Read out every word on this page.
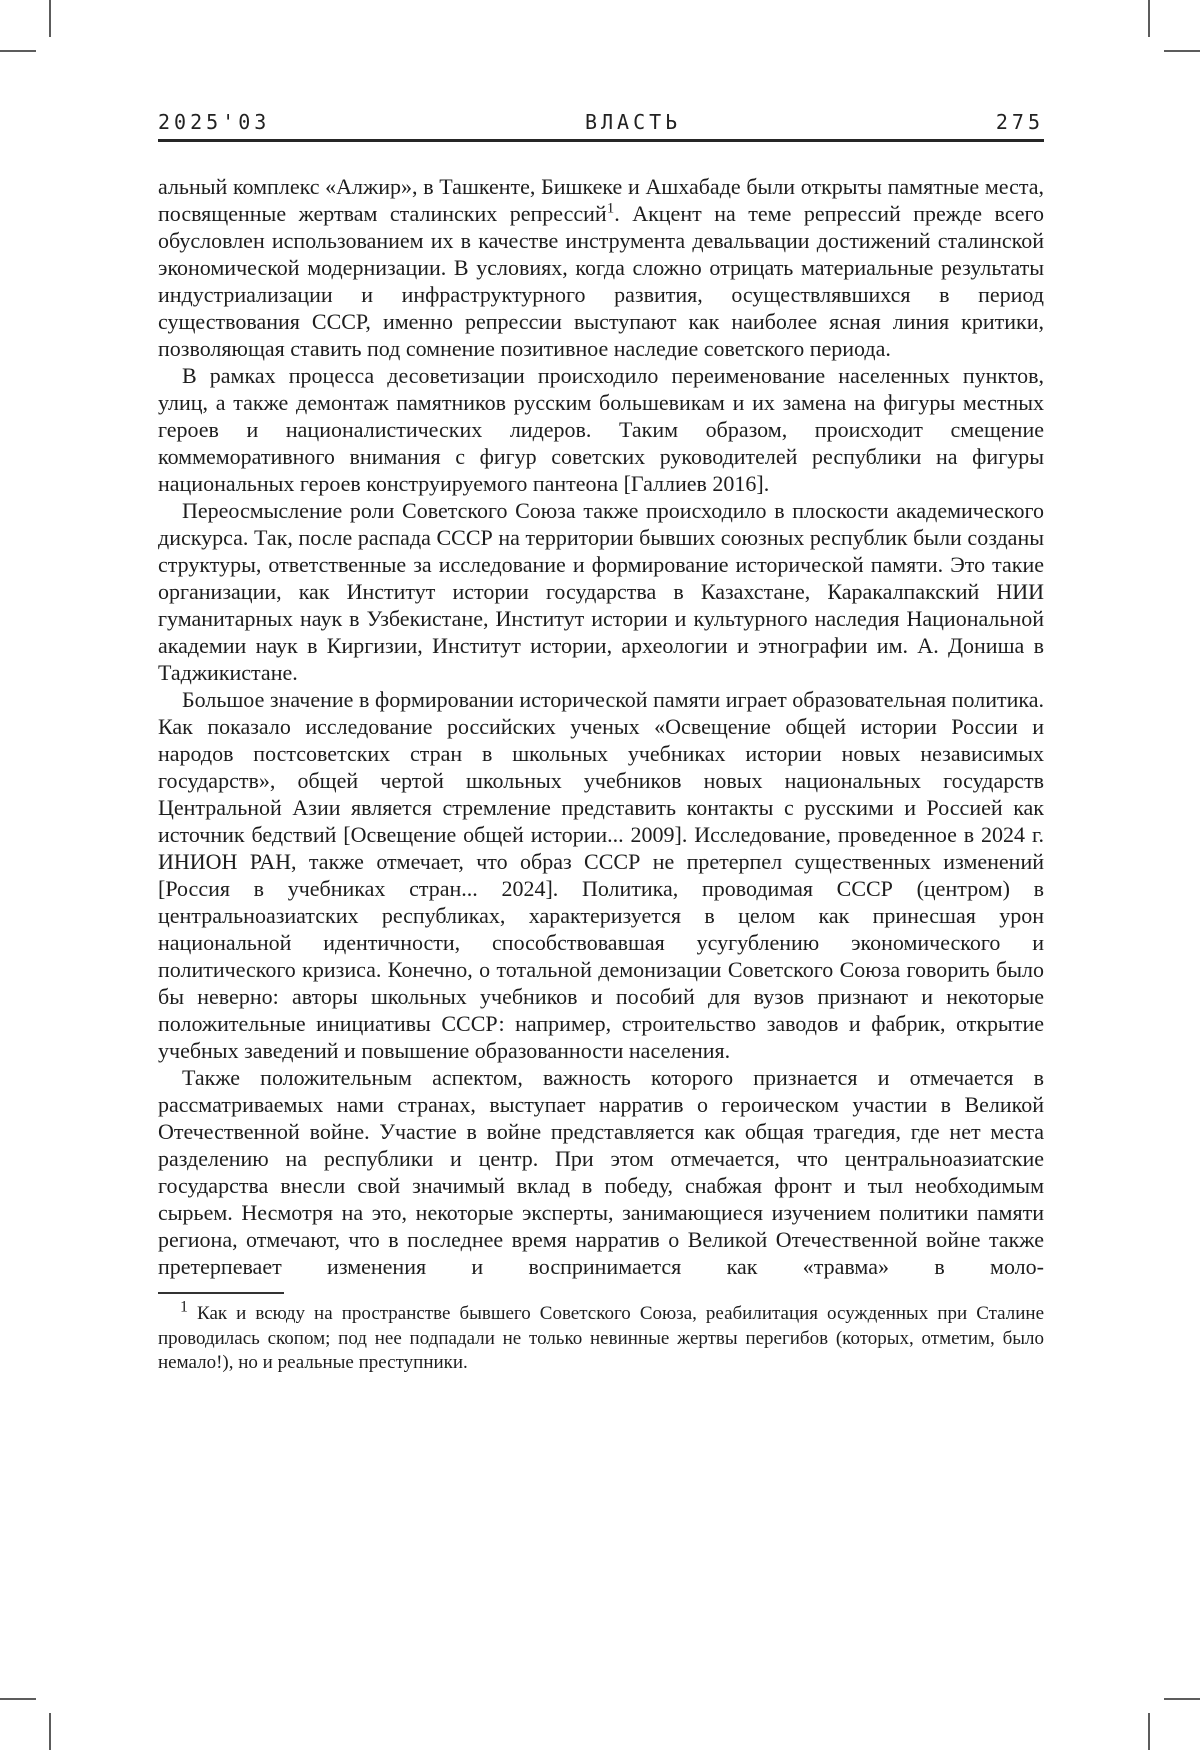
2025'03	ВЛАСТЬ	275

альный комплекс «Алжир», в Ташкенте, Бишкеке и Ашхабаде были открыты памятные места, посвященные жертвам сталинских репрессий$^1$. Акцент на теме репрессий прежде всего обусловлен использованием их в качестве инструмента девальвации достижений сталинской экономической модернизации. В условиях, когда сложно отрицать материальные результаты индустриализации и инфраструктурного развития, осуществлявшихся в период существования СССР, именно репрессии выступают как наиболее ясная линия критики, позволяющая ставить под сомнение позитивное наследие советского периода.

В рамках процесса десоветизации происходило переименование населенных пунктов, улиц, а также демонтаж памятников русским большевикам и их замена на фигуры местных героев и националистических лидеров. Таким образом, происходит смещение коммеморативного внимания с фигур советских руководителей республики на фигуры национальных героев конструируемого пантеона [Галлиев 2016].

Переосмысление роли Советского Союза также происходило в плоскости академического дискурса. Так, после распада СССР на территории бывших союзных республик были созданы структуры, ответственные за исследование и формирование исторической памяти. Это такие организации, как Институт истории государства в Казахстане, Каракалпакский НИИ гуманитарных наук в Узбекистане, Институт истории и культурного наследия Национальной академии наук в Киргизии, Институт истории, археологии и этнографии им. А. Дониша в Таджикистане.

Большое значение в формировании исторической памяти играет образовательная политика. Как показало исследование российских ученых «Освещение общей истории России и народов постсоветских стран в школьных учебниках истории новых независимых государств», общей чертой школьных учебников новых национальных государств Центральной Азии является стремление представить контакты с русскими и Россией как источник бедствий [Освещение общей истории... 2009]. Исследование, проведенное в 2024 г. ИНИОН РАН, также отмечает, что образ СССР не претерпел существенных изменений [Россия в учебниках стран... 2024]. Политика, проводимая СССР (центром) в центральноазиатских республиках, характеризуется в целом как принесшая урон национальной идентичности, способствовавшая усугублению экономического и политического кризиса. Конечно, о тотальной демонизации Советского Союза говорить было бы неверно: авторы школьных учебников и пособий для вузов признают и некоторые положительные инициативы СССР: например, строительство заводов и фабрик, открытие учебных заведений и повышение образованности населения.

Также положительным аспектом, важность которого признается и отмечается в рассматриваемых нами странах, выступает нарратив о героическом участии в Великой Отечественной войне. Участие в войне представляется как общая трагедия, где нет места разделению на республики и центр. При этом отмечается, что центральноазиатские государства внесли свой значимый вклад в победу, снабжая фронт и тыл необходимым сырьем. Несмотря на это, некоторые эксперты, занимающиеся изучением политики памяти региона, отмечают, что в последнее время нарратив о Великой Отечественной войне также претерпевает изменения и воспринимается как «травма» в моло-

$^1$ Как и всюду на пространстве бывшего Советского Союза, реабилитация осужденных при Сталине проводилась скопом; под нее подпадали не только невинные жертвы перегибов (которых, отметим, было немало!), но и реальные преступники.
